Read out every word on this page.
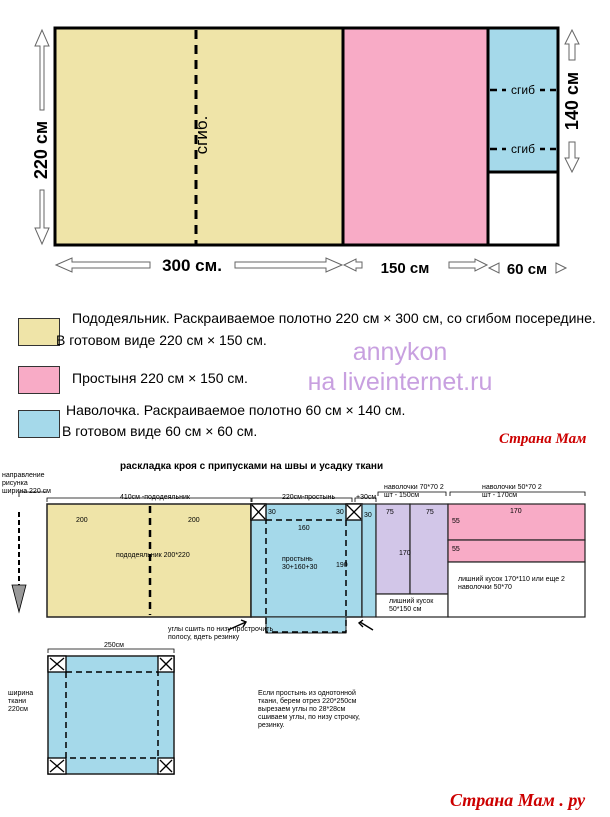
сгиб.
сгиб
сгиб
220 см
300 см.	150 см	60 см
140 см
Пододеяльник. Раскраиваемое полотно 220 см × 300 см, со сгибом посередине.
В готовом виде 220 см × 150 см.
Простыня 220 см × 150 см.
Наволочка. Раскраиваемое полотно 60 см × 140 см.
В готовом виде 60 см × 60 см.
annykon
на liveinternet.ru
Страна Мам
раскладка кроя с припусками на швы и усадку ткани
направление рисунка ширина 220 см
410см -пододеяльник
200	200
пододеяльник 200*220
220см-простынь	+30см
30	30
160
простынь 30+160+30	190
30
наволочки 70*70 2 шт - 150см
75	75
170
лишний кусок 50*150 см
наволочки 50*70 2 шт - 170см
170
55
55
лишний кусок 170*110 или еще 2 наволочки 50*70
углы сшить по низу прострочить полосу, вдеть резинку
250см
ширина ткани 220см
Если простынь из однотонной ткани, берем отрез 220*250см вырезаем углы по 28*28см сшиваем углы, по низу строчку, резинку.
Страна Мам . ру
